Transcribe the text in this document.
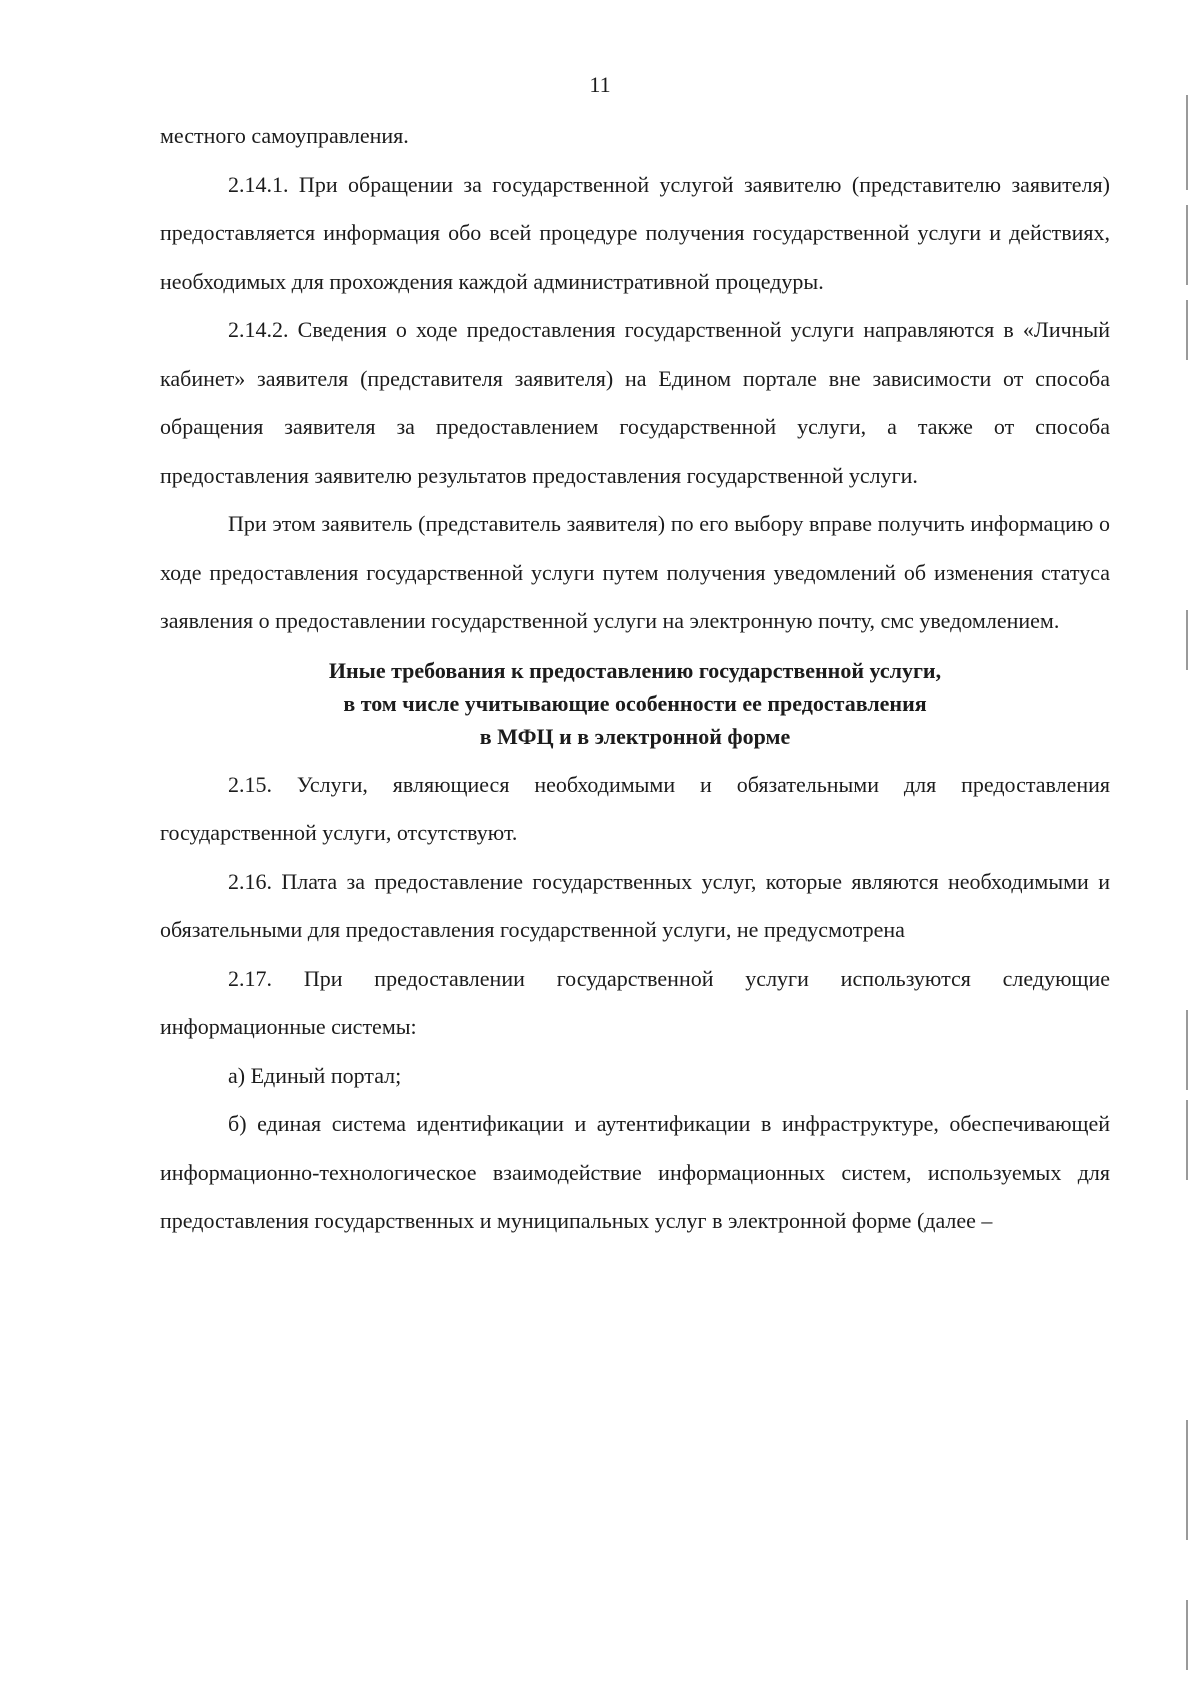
11

местного самоуправления.

2.14.1. При обращении за государственной услугой заявителю (представителю заявителя) предоставляется информация обо всей процедуре получения государственной услуги и действиях, необходимых для прохождения каждой административной процедуры.

2.14.2. Сведения о ходе предоставления государственной услуги направляются в «Личный кабинет» заявителя (представителя заявителя) на Едином портале вне зависимости от способа обращения заявителя за предоставлением государственной услуги, а также от способа предоставления заявителю результатов предоставления государственной услуги.

При этом заявитель (представитель заявителя) по его выбору вправе получить информацию о ходе предоставления государственной услуги путем получения уведомлений об изменения статуса заявления о предоставлении государственной услуги на электронную почту, смс уведомлением.

Иные требования к предоставлению государственной услуги,
в том числе учитывающие особенности ее предоставления
в МФЦ и в электронной форме

2.15. Услуги, являющиеся необходимыми и обязательными для предоставления государственной услуги, отсутствуют.

2.16. Плата за предоставление государственных услуг, которые являются необходимыми и обязательными для предоставления государственной услуги, не предусмотрена

2.17. При предоставлении государственной услуги используются следующие информационные системы:

а) Единый портал;

б) единая система идентификации и аутентификации в инфраструктуре, обеспечивающей информационно-технологическое взаимодействие информационных систем, используемых для предоставления государственных и муниципальных услуг в электронной форме (далее –
